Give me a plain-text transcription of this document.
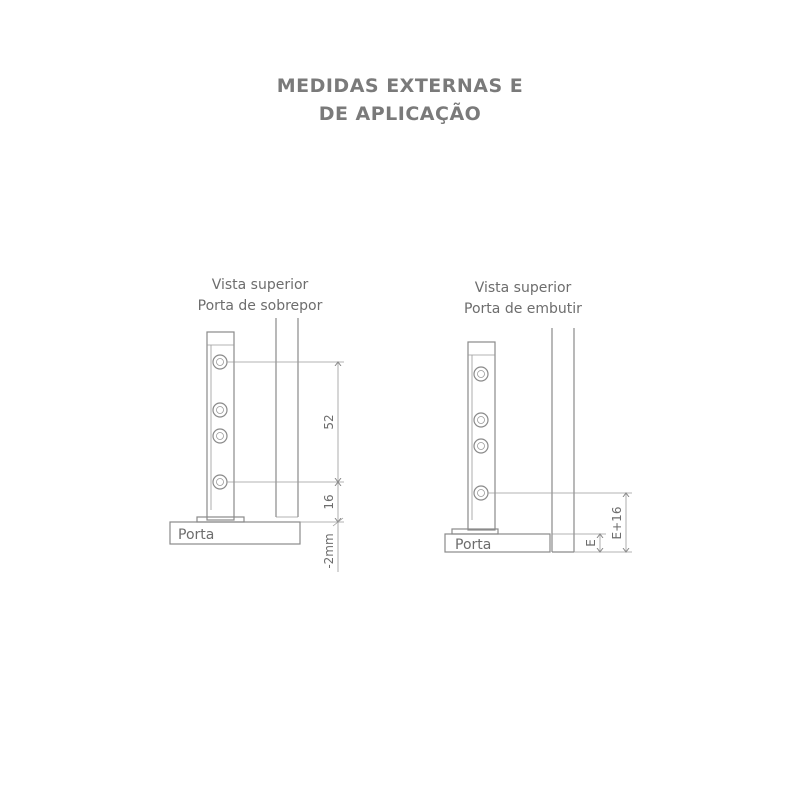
MEDIDAS EXTERNAS E
DE APLICAÇÃO
Vista superior
Porta de sobrepor
Vista superior
Porta de embutir
Porta
52
16
-2mm	Porta
E+16
E
